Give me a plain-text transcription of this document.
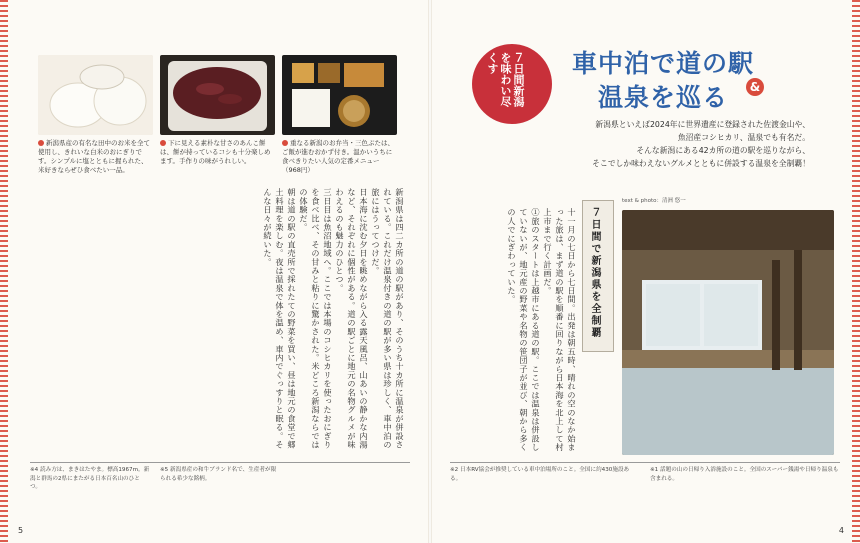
新潟県産の有名な田中のお米を全て使用し、きれいな白米のおにぎりです。シンプルに塩とともに握られた、米好きならぜひ食べたい一品。
下に見える素朴な甘さのあんこ餅は、餅が持っているコシも十分楽しめます。手作りの味がうれしい。
重なる新潟のお弁当・三色ぶたは、ご飯が進むおかず付き。温かいうちに食べきりたい人気の定番メニュー（968円）

新潟県は四二カ所の道の駅があり、そのうち十カ所に温泉が併設されている。これだけ温泉付きの道の駅が多い県は珍しく、車中泊の旅にはうってつけだ。

日本海に沈む夕日を眺めながら入る露天風呂、山あいの静かな内湯など、それぞれに個性がある。道の駅ごとに地元の名物グルメが味わえるのも魅力のひとつ。

三日目は魚沼地域へ。ここでは本場のコシヒカリを使ったおにぎりを食べ比べ、その甘みと粘りに驚かされた。米どころ新潟ならではの体験だ。

朝は道の駅の直売所で採れたての野菜を買い、昼は地元の食堂で郷土料理を楽しむ。夜は温泉で体を温め、車内でぐっすりと眠る。そんな日々が続いた。

※4 読み方は、まきはたやま。標高1967m。新潟と群馬の2県にまたがる日本百名山のひとつ。
※5 新潟県産の和牛ブランド名で、生産者が限られる希少な銘柄。
5
７日間新潟を味わい尽くす	車中泊で道の駅
温泉を巡る	&
新潟県といえば2024年に世界遺産に登録された佐渡金山や、
魚沼産コシヒカリ、温泉でも有名だ。
そんな新潟にある42カ所の道の駅を巡りながら、
そこでしか味わえないグルメとともに併設する温泉を全制覇！
text & photo：清洲 悠一
７日間で新潟県を全制覇

十一月の七日から七日間。出発は朝五時、晴れの空のなか始まった旅は、まず道の駅を順番に回りながら日本海を北上して村上市まで行く計画だ。

①旅のスタートは上越市にある道の駅。ここでは温泉は併設していないが、地元産の野菜や名物の笹団子が並び、朝から多くの人でにぎわっていた。

※2 日本RV協会が推奨している車中泊場所のこと。全国に約430施設ある。
※1 話題の山の日帰り入浴施設のこと。全国のスーパー銭湯や日帰り温泉も含まれる。
4
